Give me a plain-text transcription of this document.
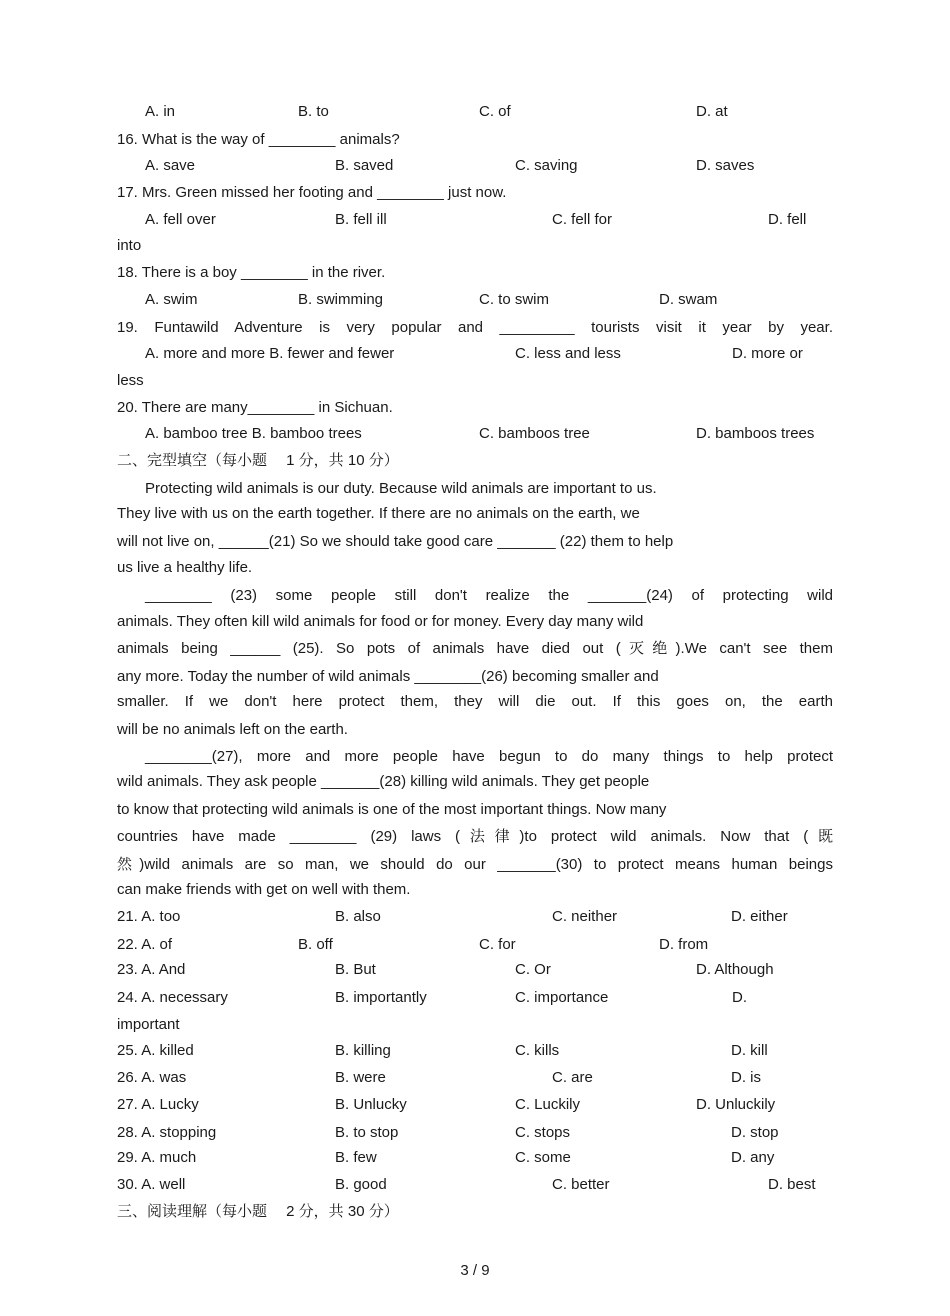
A. in	B. to	C. of	D. at
16. What is the way of ________ animals?
A. save	B. saved	C. saving	D. saves
17. Mrs. Green missed her footing and ________ just now.
A. fell over	B. fell ill	C. fell for	D. fell
into
18. There is a boy ________ in the river.
A. swim	B. swimming	C. to swim	D. swam
19. Funtawild Adventure is very popular and _________ tourists visit it year by year.
A. more and more B. fewer and fewer	C. less and less	D. more or
less
20. There are many________ in Sichuan.
A. bamboo tree B. bamboo trees	C. bamboos tree	D. bamboos trees
二、完型填空（每小题　 1 分，共 10 分）
Protecting wild animals is our duty. Because wild animals are important to us.
They live with us on the earth together. If there are no animals on the earth, we
will not live on, ______(21) So we should take good care _______ (22) them to help
us live a healthy life.
________ (23) some people still don't realize the _______(24) of protecting wild
animals. They often kill wild animals for food or for money. Every day many wild
animals being ______ (25). So pots of animals have died out (灭绝).We can't see them
any more. Today the number of wild animals ________(26) becoming smaller and
smaller. If we don't here protect them, they will die out. If this goes on, the earth
will be no animals left on the earth.
________(27), more and more people have begun to do many things to help protect
wild animals. They ask people _______(28) killing wild animals. They get people
to know that protecting wild animals is one of the most important things. Now many
countries have made ________ (29) laws (法律)to protect wild animals. Now that (既
然)wild animals are so man, we should do our _______(30) to protect means human beings
can make friends with get on well with them.
21. A. too	B. also	C. neither	D. either
22. A. of	B. off	C. for	D. from
23. A. And	B. But	C. Or	D. Although
24. A. necessary	B. importantly	C. importance	D.
important
25. A. killed	B. killing	C. kills	D. kill
26. A. was	B. were	C. are	D. is
27. A. Lucky	B. Unlucky	C. Luckily	D. Unluckily
28. A. stopping	B. to stop	C. stops	D. stop
29. A. much	B. few	C. some	D. any
30. A. well	B. good	C. better	D. best
三、阅读理解（每小题　 2 分，共 30 分）
3 / 9
